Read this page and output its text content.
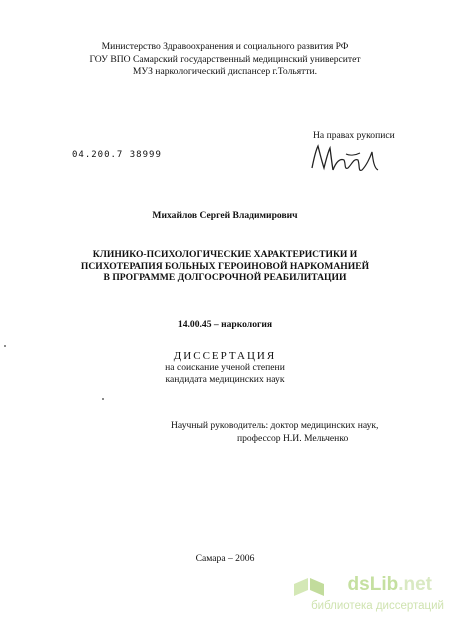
Министерство Здравоохранения и социального развития РФ
ГОУ ВПО Самарский государственный медицинский университет
МУЗ наркологический диспансер г.Тольятти.
На правах рукописи
04.200.7 38999
Михайлов Сергей Владимирович
КЛИНИКО-ПСИХОЛОГИЧЕСКИЕ ХАРАКТЕРИСТИКИ И
ПСИХОТЕРАПИЯ БОЛЬНЫХ ГЕРОИНОВОЙ НАРКОМАНИЕЙ
В ПРОГРАММЕ ДОЛГОСРОЧНОЙ РЕАБИЛИТАЦИИ
14.00.45 – наркология
ДИССЕРТАЦИЯ
на соискание ученой степени
кандидата медицинских наук
Научный руководитель: доктор медицинских наук,
профессор Н.И. Мельченко
Самара – 2006
dsLib.net
библиотека диссертаций
